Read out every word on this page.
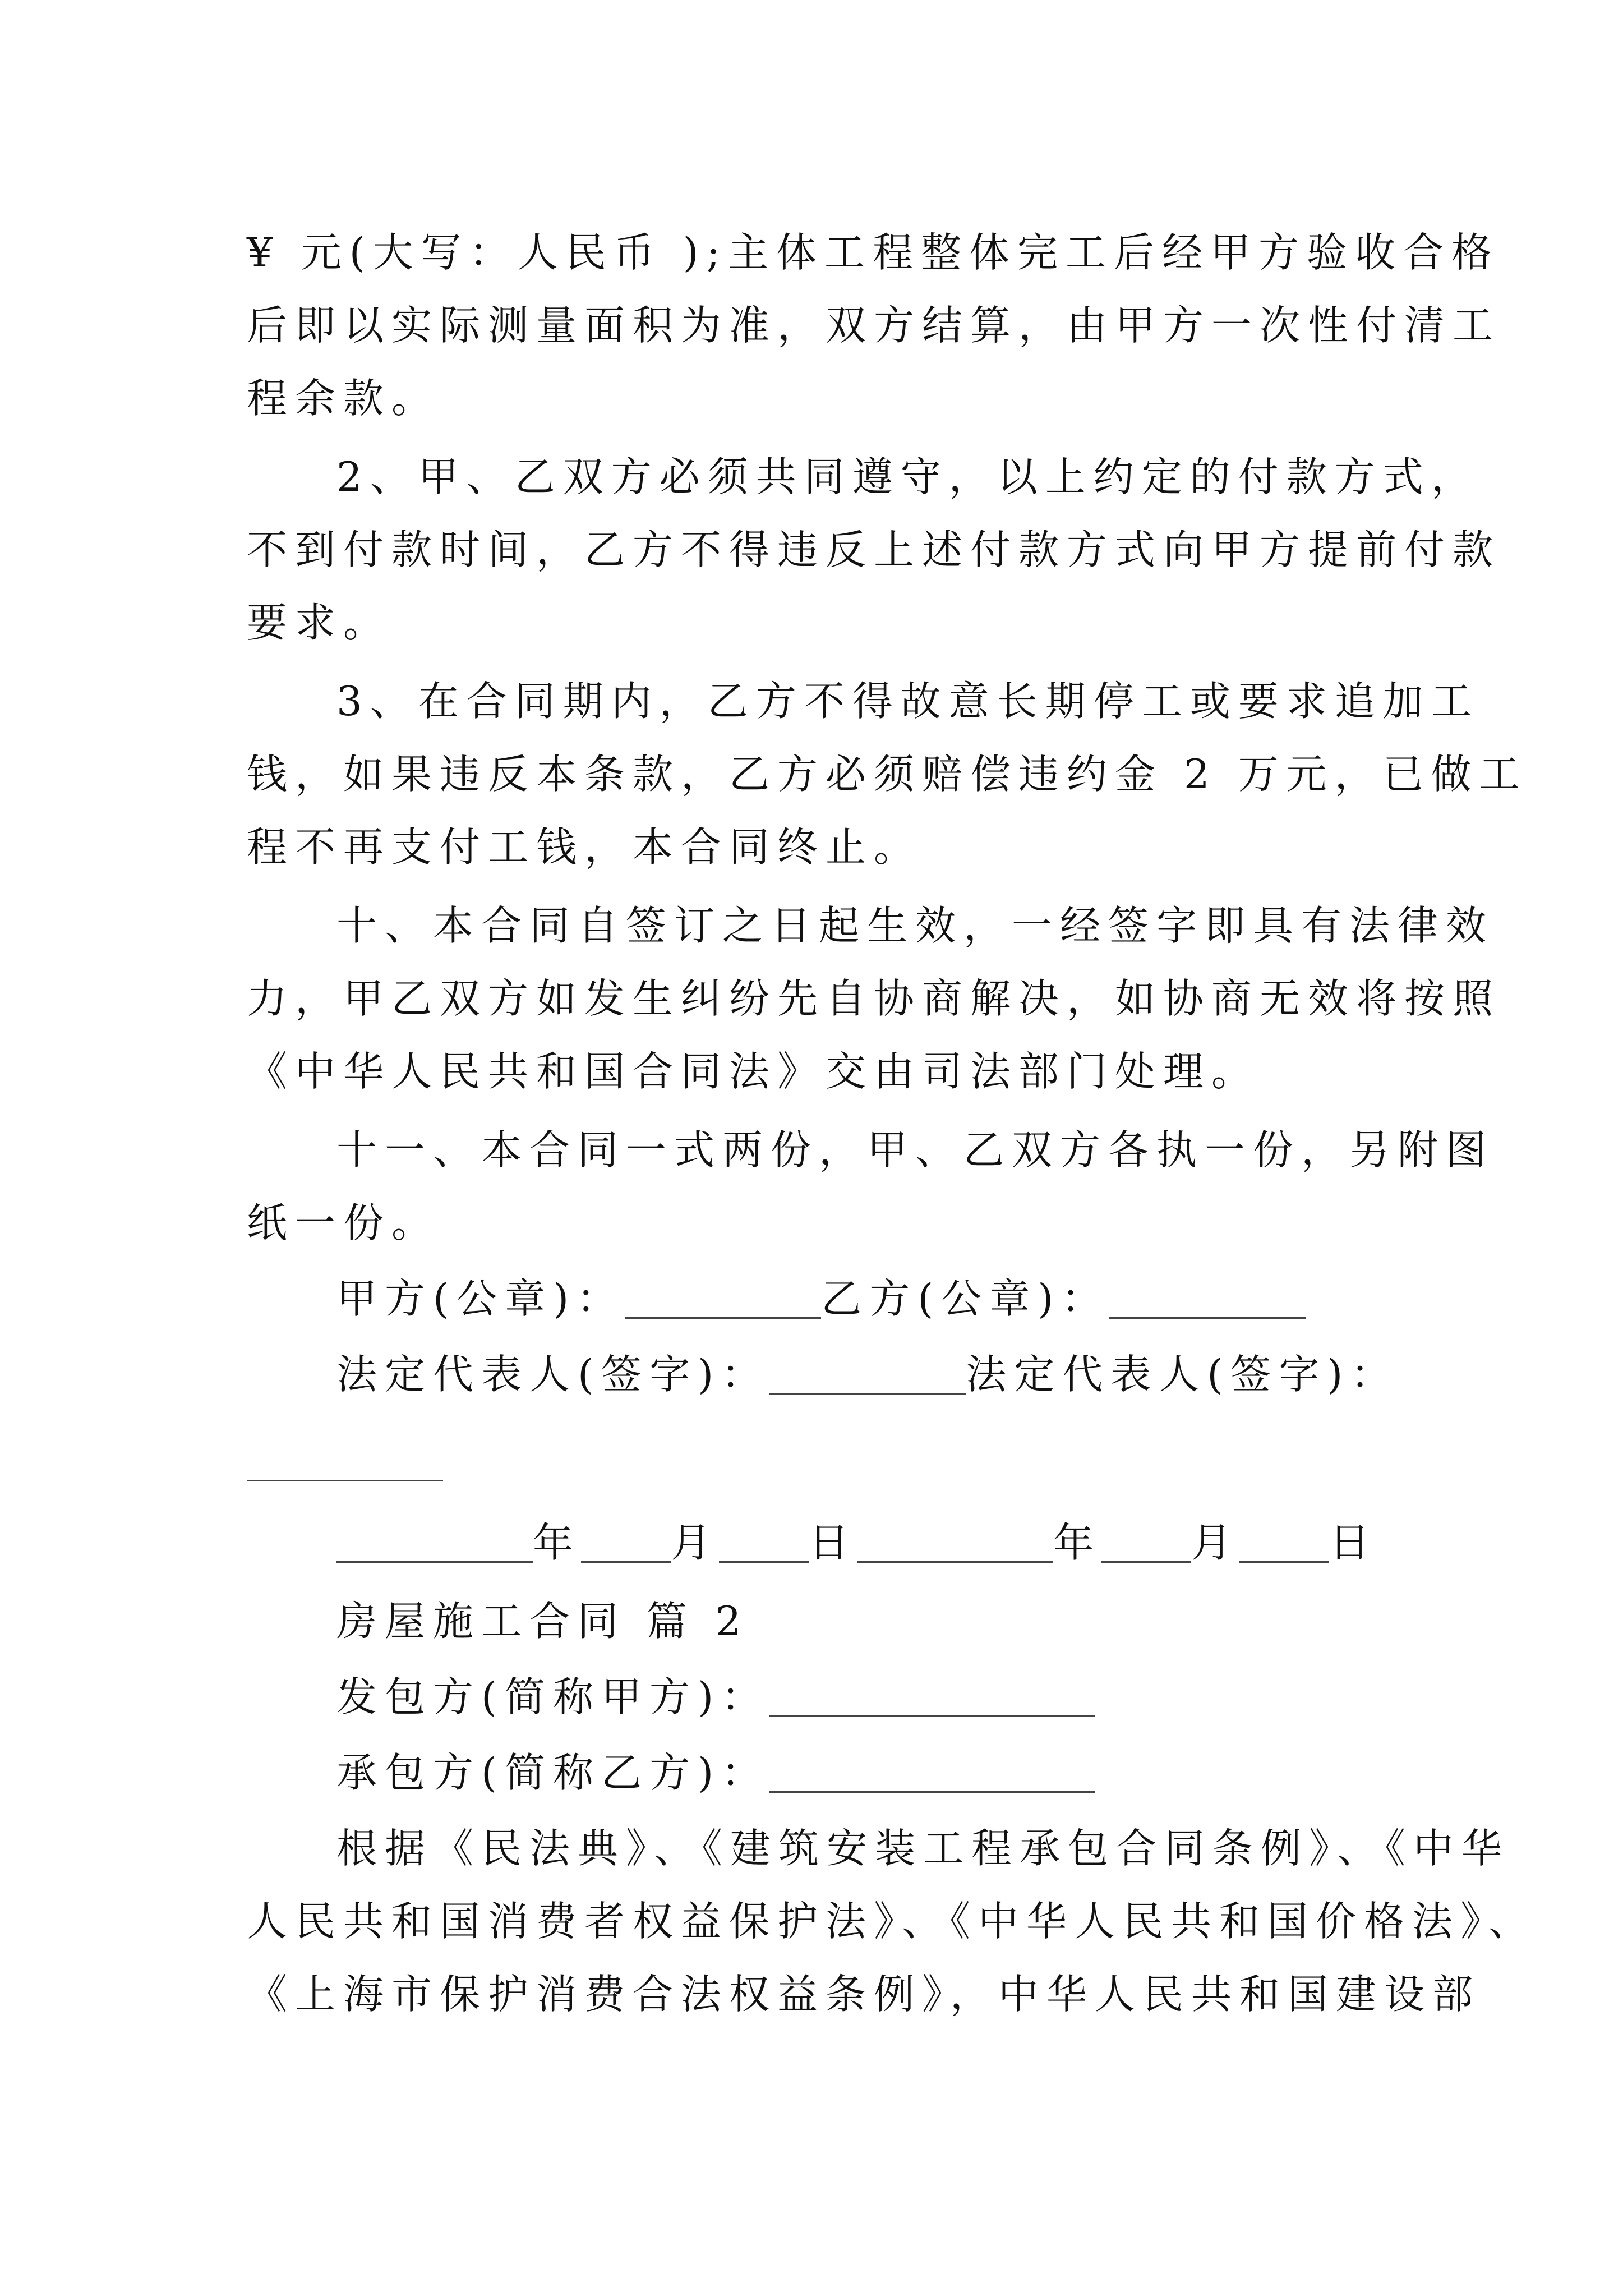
¥ 元(大写：人民币 );主体工程整体完工后经甲方验收合格
后即以实际测量面积为准，双方结算，由甲方一次性付清工
程余款。
2、甲、乙双方必须共同遵守，以上约定的付款方式，
不到付款时间，乙方不得违反上述付款方式向甲方提前付款
要求。
3、在合同期内，乙方不得故意长期停工或要求追加工
钱，如果违反本条款，乙方必须赔偿违约金 2 万元，已做工
程不再支付工钱，本合同终止。
十、本合同自签订之日起生效，一经签字即具有法律效
力，甲乙双方如发生纠纷先自协商解决，如协商无效将按照
《中华人民共和国合同法》交由司法部门处理。
十一、本合同一式两份，甲、乙双方各执一份，另附图
纸一份。
甲方(公章)：	乙方(公章)：
法定代表人(签字)：	法定代表人(签字)：
年 月 日	年 月 日
房屋施工合同 篇 2
发包方(简称甲方)：
承包方(简称乙方)：
根据《民法典》、《建筑安装工程承包合同条例》、《中华
人民共和国消费者权益保护法》、《中华人民共和国价格法》、
《上海市保护消费合法权益条例》，中华人民共和国建设部
